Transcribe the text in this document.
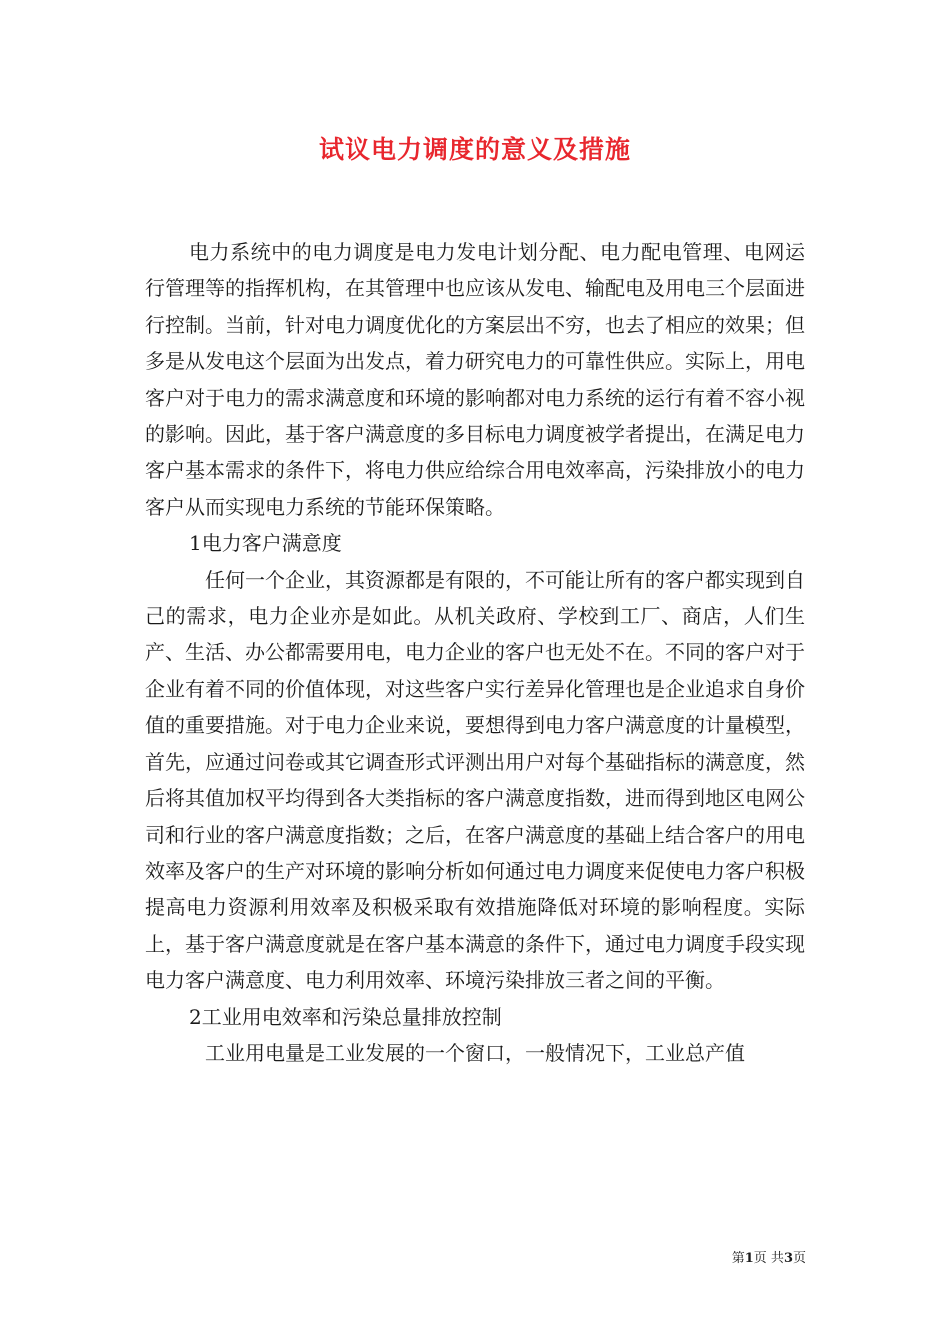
试议电力调度的意义及措施

电力系统中的电力调度是电力发电计划分配、电力配电管理、电网运行管理等的指挥机构，在其管理中也应该从发电、输配电及用电三个层面进行控制。当前，针对电力调度优化的方案层出不穷，也去了相应的效果；但多是从发电这个层面为出发点，着力研究电力的可靠性供应。实际上，用电客户对于电力的需求满意度和环境的影响都对电力系统的运行有着不容小视的影响。因此，基于客户满意度的多目标电力调度被学者提出，在满足电力客户基本需求的条件下，将电力供应给综合用电效率高，污染排放小的电力客户从而实现电力系统的节能环保策略。

1电力客户满意度

任何一个企业，其资源都是有限的，不可能让所有的客户都实现到自己的需求，电力企业亦是如此。从机关政府、学校到工厂、商店，人们生产、生活、办公都需要用电，电力企业的客户也无处不在。不同的客户对于企业有着不同的价值体现，对这些客户实行差异化管理也是企业追求自身价值的重要措施。对于电力企业来说，要想得到电力客户满意度的计量模型，首先，应通过问卷或其它调查形式评测出用户对每个基础指标的满意度，然后将其值加权平均得到各大类指标的客户满意度指数，进而得到地区电网公司和行业的客户满意度指数；之后，在客户满意度的基础上结合客户的用电效率及客户的生产对环境的影响分析如何通过电力调度来促使电力客户积极提高电力资源利用效率及积极采取有效措施降低对环境的影响程度。实际上，基于客户满意度就是在客户基本满意的条件下，通过电力调度手段实现电力客户满意度、电力利用效率、环境污染排放三者之间的平衡。

2工业用电效率和污染总量排放控制

工业用电量是工业发展的一个窗口，一般情况下，工业总产值

第1页 共3页
